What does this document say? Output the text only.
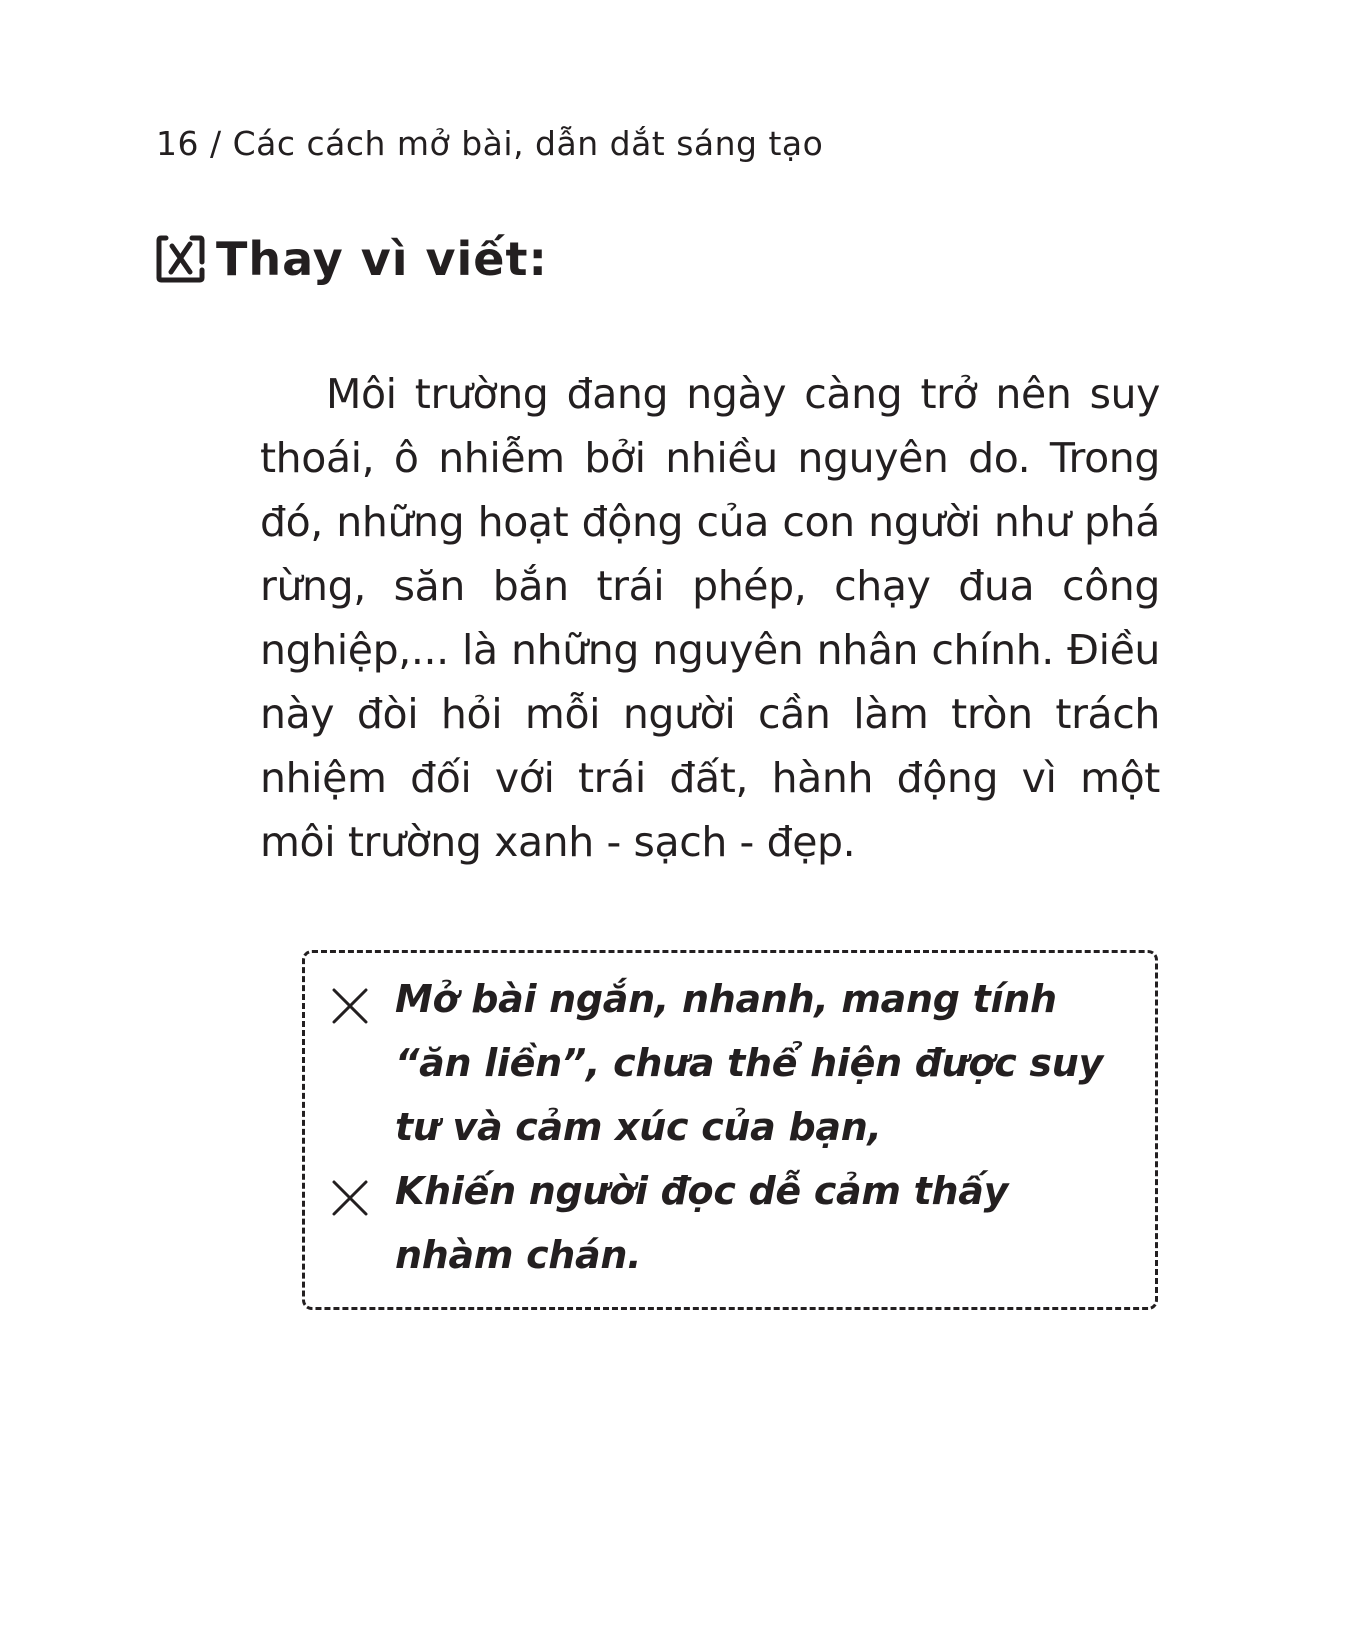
16 / Các cách mở bài, dẫn dắt sáng tạo
Thay vì viết:

Môi trường đang ngày càng trở nên suy thoái, ô nhiễm bởi nhiều nguyên do. Trong đó, những hoạt động của con người như phá rừng, săn bắn trái phép, chạy đua công nghiệp,... là những nguyên nhân chính. Điều này đòi hỏi mỗi người cần làm tròn trách nhiệm đối với trái đất, hành động vì một môi trường xanh - sạch - đẹp.

Mở bài ngắn, nhanh, mang tính “ăn liền”, chưa thể hiện được suy tư và cảm xúc của bạn,

Khiến người đọc dễ cảm thấy nhàm chán.
